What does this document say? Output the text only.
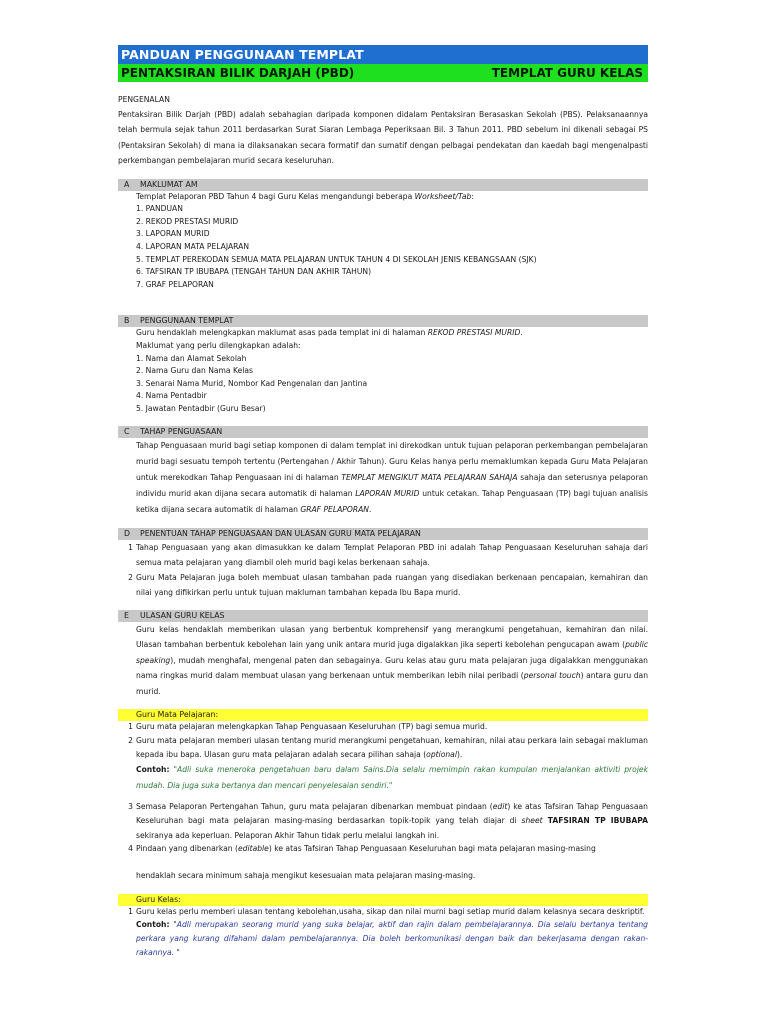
PANDUAN PENGGUNAAN TEMPLAT
PENTAKSIRAN BILIK DARJAH (PBD)	TEMPLAT GURU KELAS
PENGENALAN
Pentaksiran Bilik Darjah (PBD) adalah sebahagian daripada komponen didalam Pentaksiran Berasaskan Sekolah (PBS). Pelaksanaannya telah bermula sejak tahun 2011 berdasarkan Surat Siaran Lembaga Peperiksaan Bil. 3 Tahun 2011. PBD sebelum ini dikenali sebagai PS (Pentaksiran Sekolah) di mana ia dilaksanakan secara formatif dan sumatif dengan pelbagai pendekatan dan kaedah bagi mengenalpasti perkembangan pembelajaran murid secara keseluruhan.
A	MAKLUMAT AM
Templat Pelaporan PBD Tahun 4 bagi Guru Kelas mengandungi beberapa Worksheet/Tab:
1. PANDUAN
2. REKOD PRESTASI MURID
3. LAPORAN MURID
4. LAPORAN MATA PELAJARAN
5. TEMPLAT PEREKODAN SEMUA MATA PELAJARAN UNTUK TAHUN 4 DI SEKOLAH JENIS KEBANGSAAN (SJK)
6. TAFSIRAN TP IBUBAPA (TENGAH TAHUN DAN AKHIR TAHUN)
7. GRAF PELAPORAN
B	PENGGUNAAN TEMPLAT
Guru hendaklah melengkapkan maklumat asas pada templat ini di halaman REKOD PRESTASI MURID.
Maklumat yang perlu dilengkapkan adalah:
1. Nama dan Alamat Sekolah
2. Nama Guru dan Nama Kelas
3. Senarai Nama Murid, Nombor Kad Pengenalan dan Jantina
4. Nama Pentadbir
5. Jawatan Pentadbir (Guru Besar)
C	TAHAP PENGUASAAN
Tahap Penguasaan murid bagi setiap komponen di dalam templat ini direkodkan untuk tujuan pelaporan perkembangan pembelajaran murid bagi sesuatu tempoh tertentu (Pertengahan / Akhir Tahun). Guru Kelas hanya perlu memaklumkan kepada Guru Mata Pelajaran untuk merekodkan Tahap Penguasaan ini di halaman TEMPLAT MENGIKUT MATA PELAJARAN SAHAJA sahaja dan seterusnya pelaporan individu murid akan dijana secara automatik di halaman LAPORAN MURID untuk cetakan. Tahap Penguasaan (TP) bagi tujuan analisis ketika dijana secara automatik di halaman GRAF PELAPORAN.
D	PENENTUAN TAHAP PENGUASAAN DAN ULASAN GURU MATA PELAJARAN
1 Tahap Penguasaan yang akan dimasukkan ke dalam Templat Pelaporan PBD ini adalah Tahap Penguasaan Keseluruhan sahaja dari semua mata pelajaran yang diambil oleh murid bagi kelas berkenaan sahaja.
2 Guru Mata Pelajaran juga boleh membuat ulasan tambahan pada ruangan yang disediakan berkenaan pencapaian, kemahiran dan nilai yang difikirkan perlu untuk tujuan makluman tambahan kepada Ibu Bapa murid.
E	ULASAN GURU KELAS
Guru kelas hendaklah memberikan ulasan yang berbentuk komprehensif yang merangkumi pengetahuan, kemahiran dan nilai. Ulasan tambahan berbentuk kebolehan lain yang unik antara murid juga digalakkan jika seperti kebolehan pengucapan awam (public speaking), mudah menghafal, mengenal paten dan sebagainya. Guru kelas atau guru mata pelajaran juga digalakkan menggunakan nama ringkas murid dalam membuat ulasan yang berkenaan untuk memberikan lebih nilai peribadi (personal touch) antara guru dan murid.
Guru Mata Pelajaran:
1 Guru mata pelajaran melengkapkan Tahap Penguasaan Keseluruhan (TP) bagi semua murid.
2 Guru mata pelajaran memberi ulasan tentang murid merangkumi pengetahuan, kemahiran, nilai atau perkara lain sebagai makluman kepada ibu bapa. Ulasan guru mata pelajaran adalah secara pilihan sahaja (optional).
Contoh: "Adli suka meneroka pengetahuan baru dalam Sains.Dia selalu memimpin rakan kumpulan menjalankan aktiviti projek mudah. Dia juga suka bertanya dan mencari penyelesaian sendiri."
3 Semasa Pelaporan Pertengahan Tahun, guru mata pelajaran dibenarkan membuat pindaan (edit) ke atas Tafsiran Tahap Penguasaan Keseluruhan bagi mata pelajaran masing-masing berdasarkan topik-topik yang telah diajar di sheet TAFSIRAN TP IBUBAPA sekiranya ada keperluan. Pelaporan Akhir Tahun tidak perlu melalui langkah ini.
4 Pindaan yang dibenarkan (editable) ke atas Tafsiran Tahap Penguasaan Keseluruhan bagi mata pelajaran masing-masing
hendaklah secara minimum sahaja mengikut kesesuaian mata pelajaran masing-masing.
Guru Kelas:
1 Guru kelas perlu memberi ulasan tentang kebolehan,usaha, sikap dan nilai murni bagi setiap murid dalam kelasnya secara deskriptif.
Contoh: "Adli merupakan seorang murid yang suka belajar, aktif dan rajin dalam pembelajarannya. Dia selalu bertanya tentang perkara yang kurang difahami dalam pembelajarannya. Dia boleh berkomunikasi dengan baik dan bekerjasama dengan rakan-rakannya. "
